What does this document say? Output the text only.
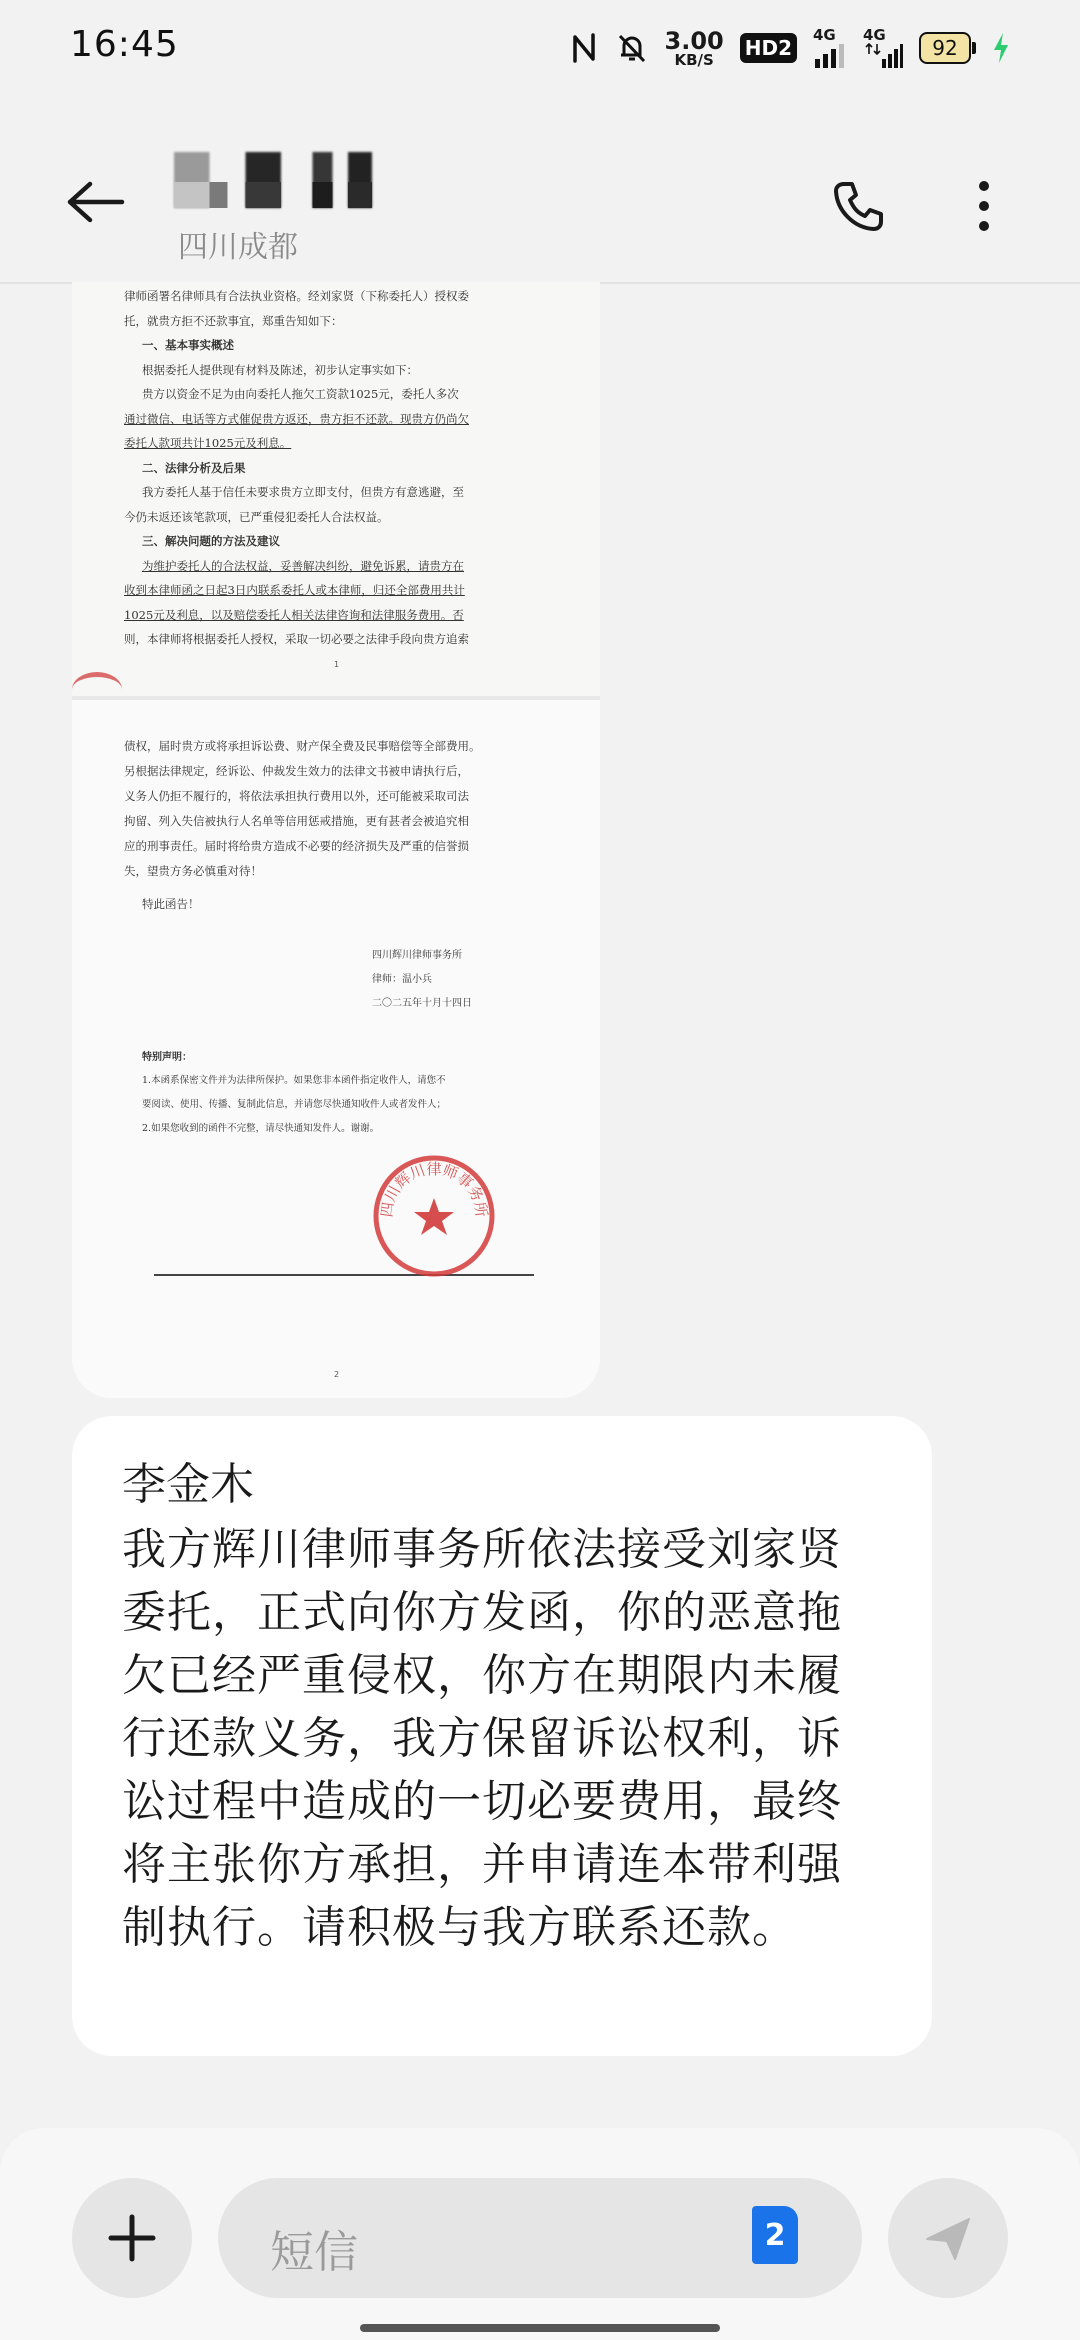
16:45	3.00
KB/S HD2
4G 4G
92
四川成都
律师函署名律师具有合法执业资格。经刘家贤（下称委托人）授权委
托，就贵方拒不还款事宜，郑重告知如下：
一、基本事实概述
根据委托人提供现有材料及陈述，初步认定事实如下：
贵方以资金不足为由向委托人拖欠工资款1025元，委托人多次
通过微信、电话等方式催促贵方返还，贵方拒不还款。现贵方仍尚欠
委托人款项共计1025元及利息。
二、法律分析及后果
我方委托人基于信任未要求贵方立即支付，但贵方有意逃避，至
今仍未返还该笔款项，已严重侵犯委托人合法权益。
三、解决问题的方法及建议
为维护委托人的合法权益，妥善解决纠纷，避免诉累，请贵方在
收到本律师函之日起3日内联系委托人或本律师，归还全部费用共计
1025元及利息，以及赔偿委托人相关法律咨询和法律服务费用。否
则，本律师将根据委托人授权，采取一切必要之法律手段向贵方追索
1
债权，届时贵方或将承担诉讼费、财产保全费及民事赔偿等全部费用。
另根据法律规定，经诉讼、仲裁发生效力的法律文书被申请执行后，
义务人仍拒不履行的，将依法承担执行费用以外，还可能被采取司法
拘留、列入失信被执行人名单等信用惩戒措施，更有甚者会被追究相
应的刑事责任。届时将给贵方造成不必要的经济损失及严重的信誉损
失，望贵方务必慎重对待！
特此函告！
四川辉川律师事务所
律师：温小兵
二〇二五年十月十四日
特别声明：
1.本函系保密文件并为法律所保护。如果您非本函件指定收件人，请您不
要阅读、使用、传播、复制此信息，并请您尽快通知收件人或者发件人；
2.如果您收到的函件不完整，请尽快通知发件人。谢谢。
2
四川辉川律师事务所
李金木
我方辉川律师事务所依法接受刘家贤委托，正式向你方发函，你的恶意拖欠已经严重侵权，你方在期限内未履行还款义务，我方保留诉讼权利，诉讼过程中造成的一切必要费用，最终将主张你方承担，并申请连本带利强制执行。请积极与我方联系还款。
短信	2
